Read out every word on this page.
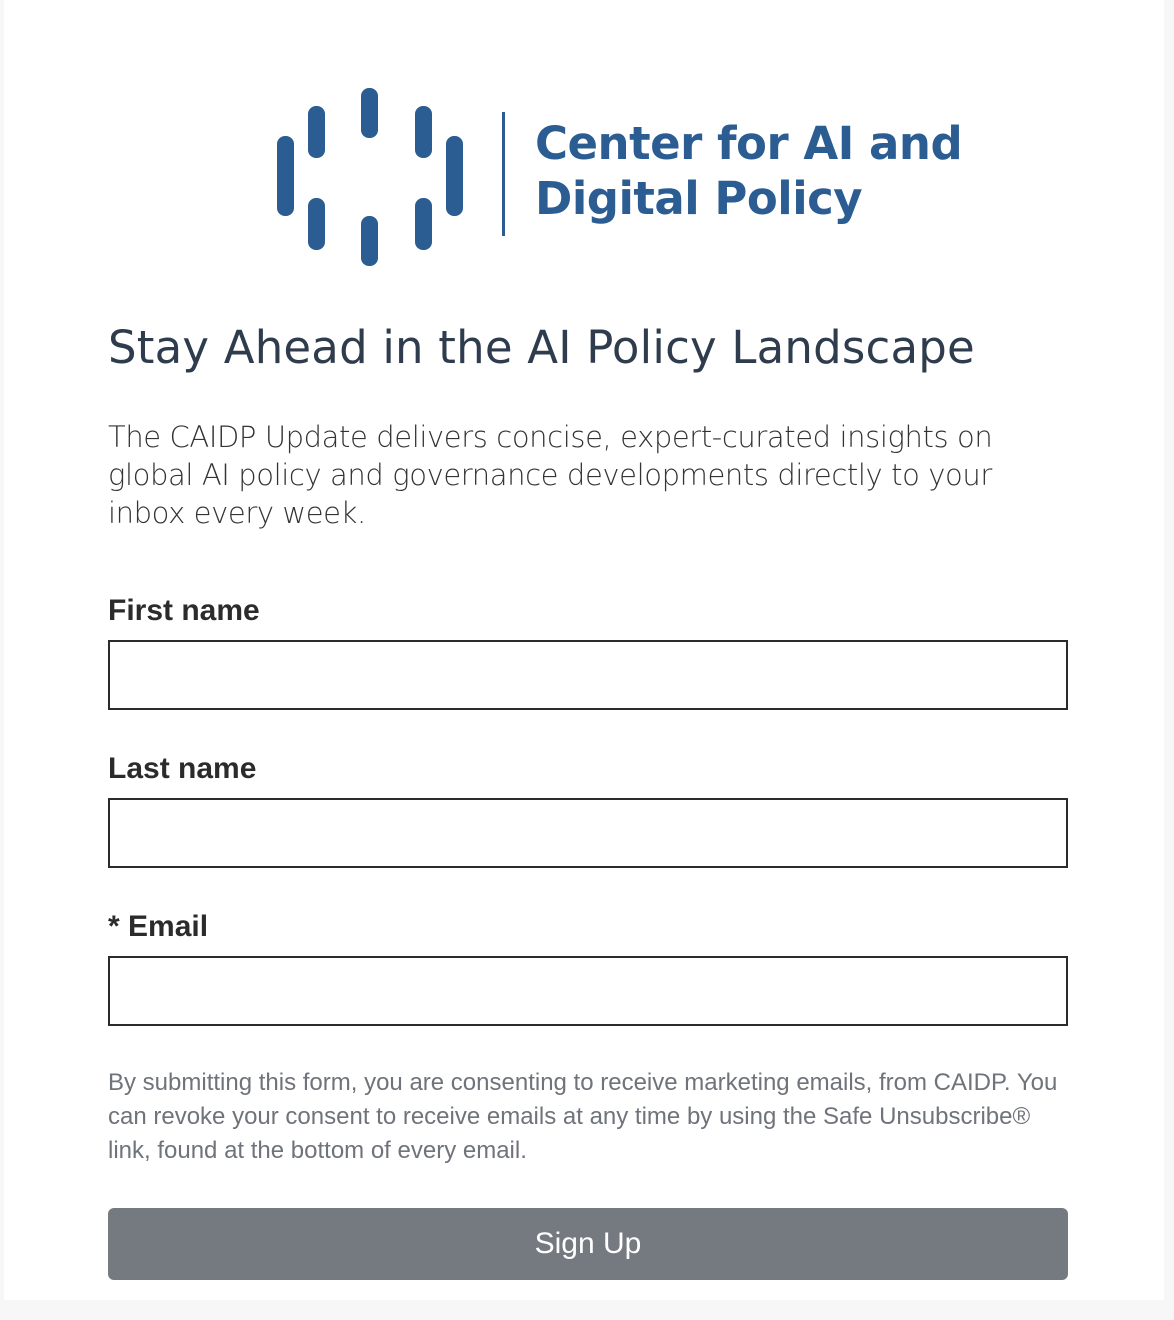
Center for AI and
Digital Policy
Stay Ahead in the AI Policy Landscape

The CAIDP Update delivers concise, expert-curated insights on global AI policy and governance developments directly to your inbox every week.

First name
Last name
* Email

By submitting this form, you are consenting to receive marketing emails, from CAIDP. You can revoke your consent to receive emails at any time by using the Safe Unsubscribe® link, found at the bottom of every email.

Sign Up
